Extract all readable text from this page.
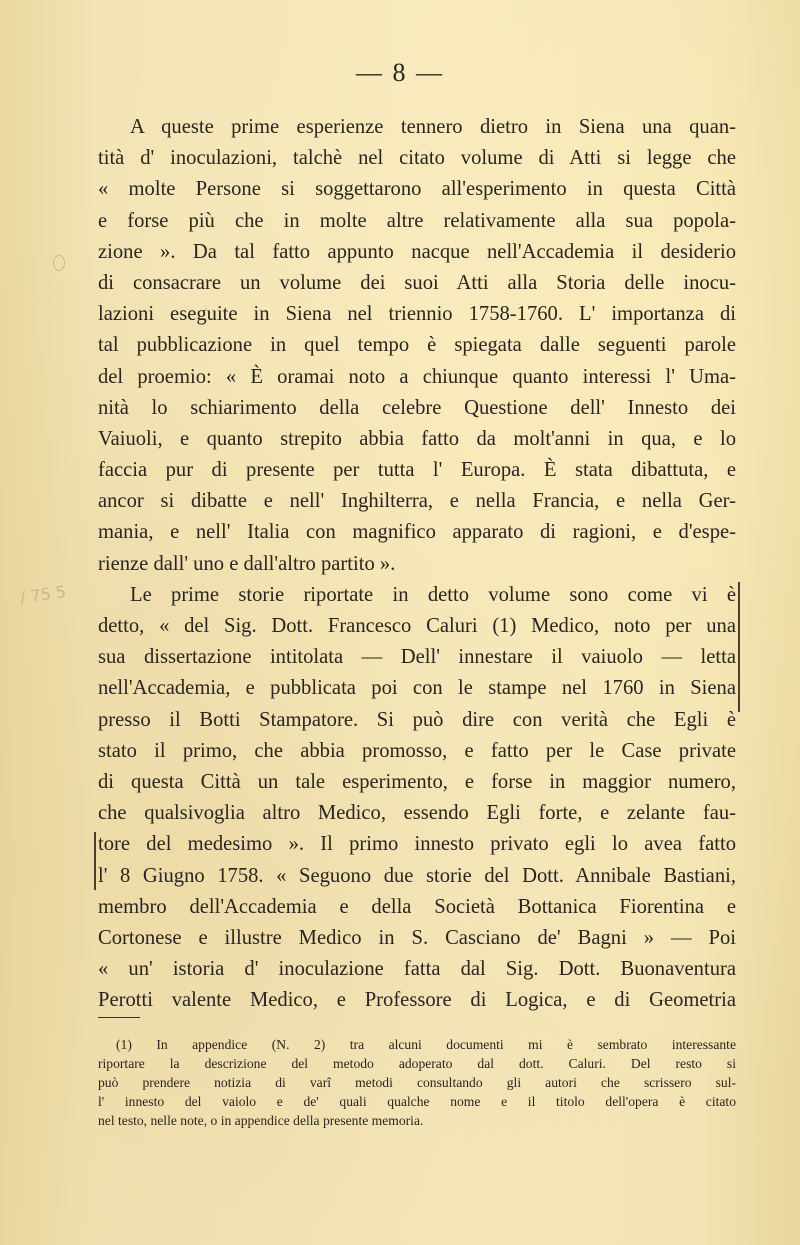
— 8 —
/ 75 5
A queste prime esperienze tennero dietro in Siena una quan-
tità d' inoculazioni, talchè nel citato volume di Atti si legge che
« molte Persone si soggettarono all'esperimento in questa Città
e forse più che in molte altre relativamente alla sua popola-
zione ». Da tal fatto appunto nacque nell'Accademia il desiderio
di consacrare un volume dei suoi Atti alla Storia delle inocu-
lazioni eseguite in Siena nel triennio 1758-1760. L' importanza di
tal pubblicazione in quel tempo è spiegata dalle seguenti parole
del proemio: « È oramai noto a chiunque quanto interessi l' Uma-
nità lo schiarimento della celebre Questione dell' Innesto dei
Vaiuoli, e quanto strepito abbia fatto da molt'anni in qua, e lo
faccia pur di presente per tutta l' Europa. È stata dibattuta, e
ancor si dibatte e nell' Inghilterra, e nella Francia, e nella Ger-
mania, e nell' Italia con magnifico apparato di ragioni, e d'espe-
rienze dall' uno e dall'altro partito ».
Le prime storie riportate in detto volume sono come vi è
detto, « del Sig. Dott. Francesco Caluri (1) Medico, noto per una
sua dissertazione intitolata — Dell' innestare il vaiuolo — letta
nell'Accademia, e pubblicata poi con le stampe nel 1760 in Siena
presso il Botti Stampatore. Si può dire con verità che Egli è
stato il primo, che abbia promosso, e fatto per le Case private
di questa Città un tale esperimento, e forse in maggior numero,
che qualsivoglia altro Medico, essendo Egli forte, e zelante fau-
tore del medesimo ». Il primo innesto privato egli lo avea fatto
l' 8 Giugno 1758. « Seguono due storie del Dott. Annibale Bastiani,
membro dell'Accademia e della Società Bottanica Fiorentina e
Cortonese e illustre Medico in S. Casciano de' Bagni » — Poi
« un' istoria d' inoculazione fatta dal Sig. Dott. Buonaventura
Perotti valente Medico, e Professore di Logica, e di Geometria
(1) In appendice (N. 2) tra alcuni documenti mi è sembrato interessante
riportare la descrizione del metodo adoperato dal dott. Caluri. Del resto si
può prendere notizia di varî metodi consultando gli autori che scrissero sul-
l' innesto del vaiolo e de' quali qualche nome e il titolo dell'opera è citato
nel testo, nelle note, o in appendice della presente memoria.
